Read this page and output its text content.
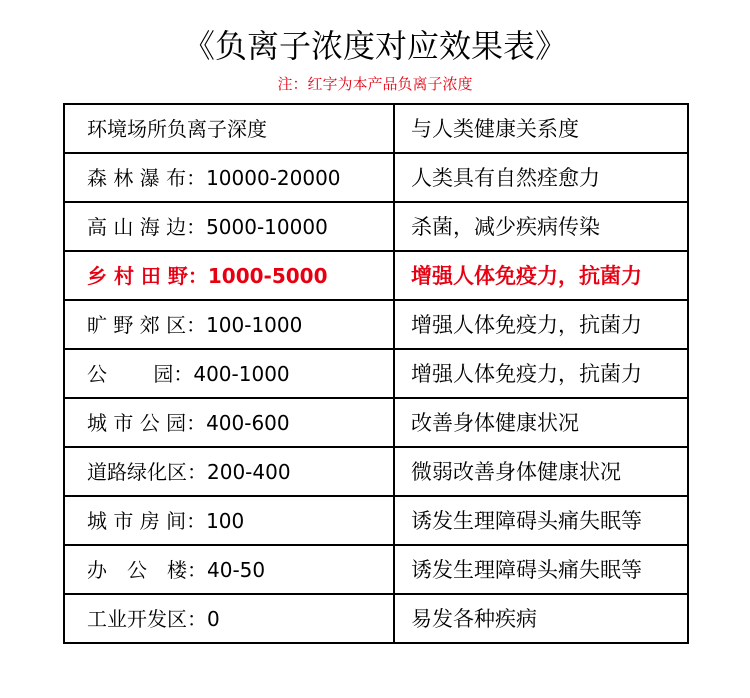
《负离子浓度对应效果表》
注：红字为本产品负离子浓度
环境场所负离子深度	与人类健康关系度
森 林 瀑 布：10000-20000	人类具有自然痊愈力
高 山 海 边：5000-10000	杀菌，减少疾病传染
乡 村 田 野：1000-5000	增强人体免疫力，抗菌力
旷 野 郊 区：100-1000	增强人体免疫力，抗菌力
公　　 园：400-1000	增强人体免疫力，抗菌力
城 市 公 园：400-600	改善身体健康状况
道路绿化区：200-400	微弱改善身体健康状况
城 市 房 间：100	诱发生理障碍头痛失眠等
办　公　楼：40-50	诱发生理障碍头痛失眠等
工业开发区：0	易发各种疾病
